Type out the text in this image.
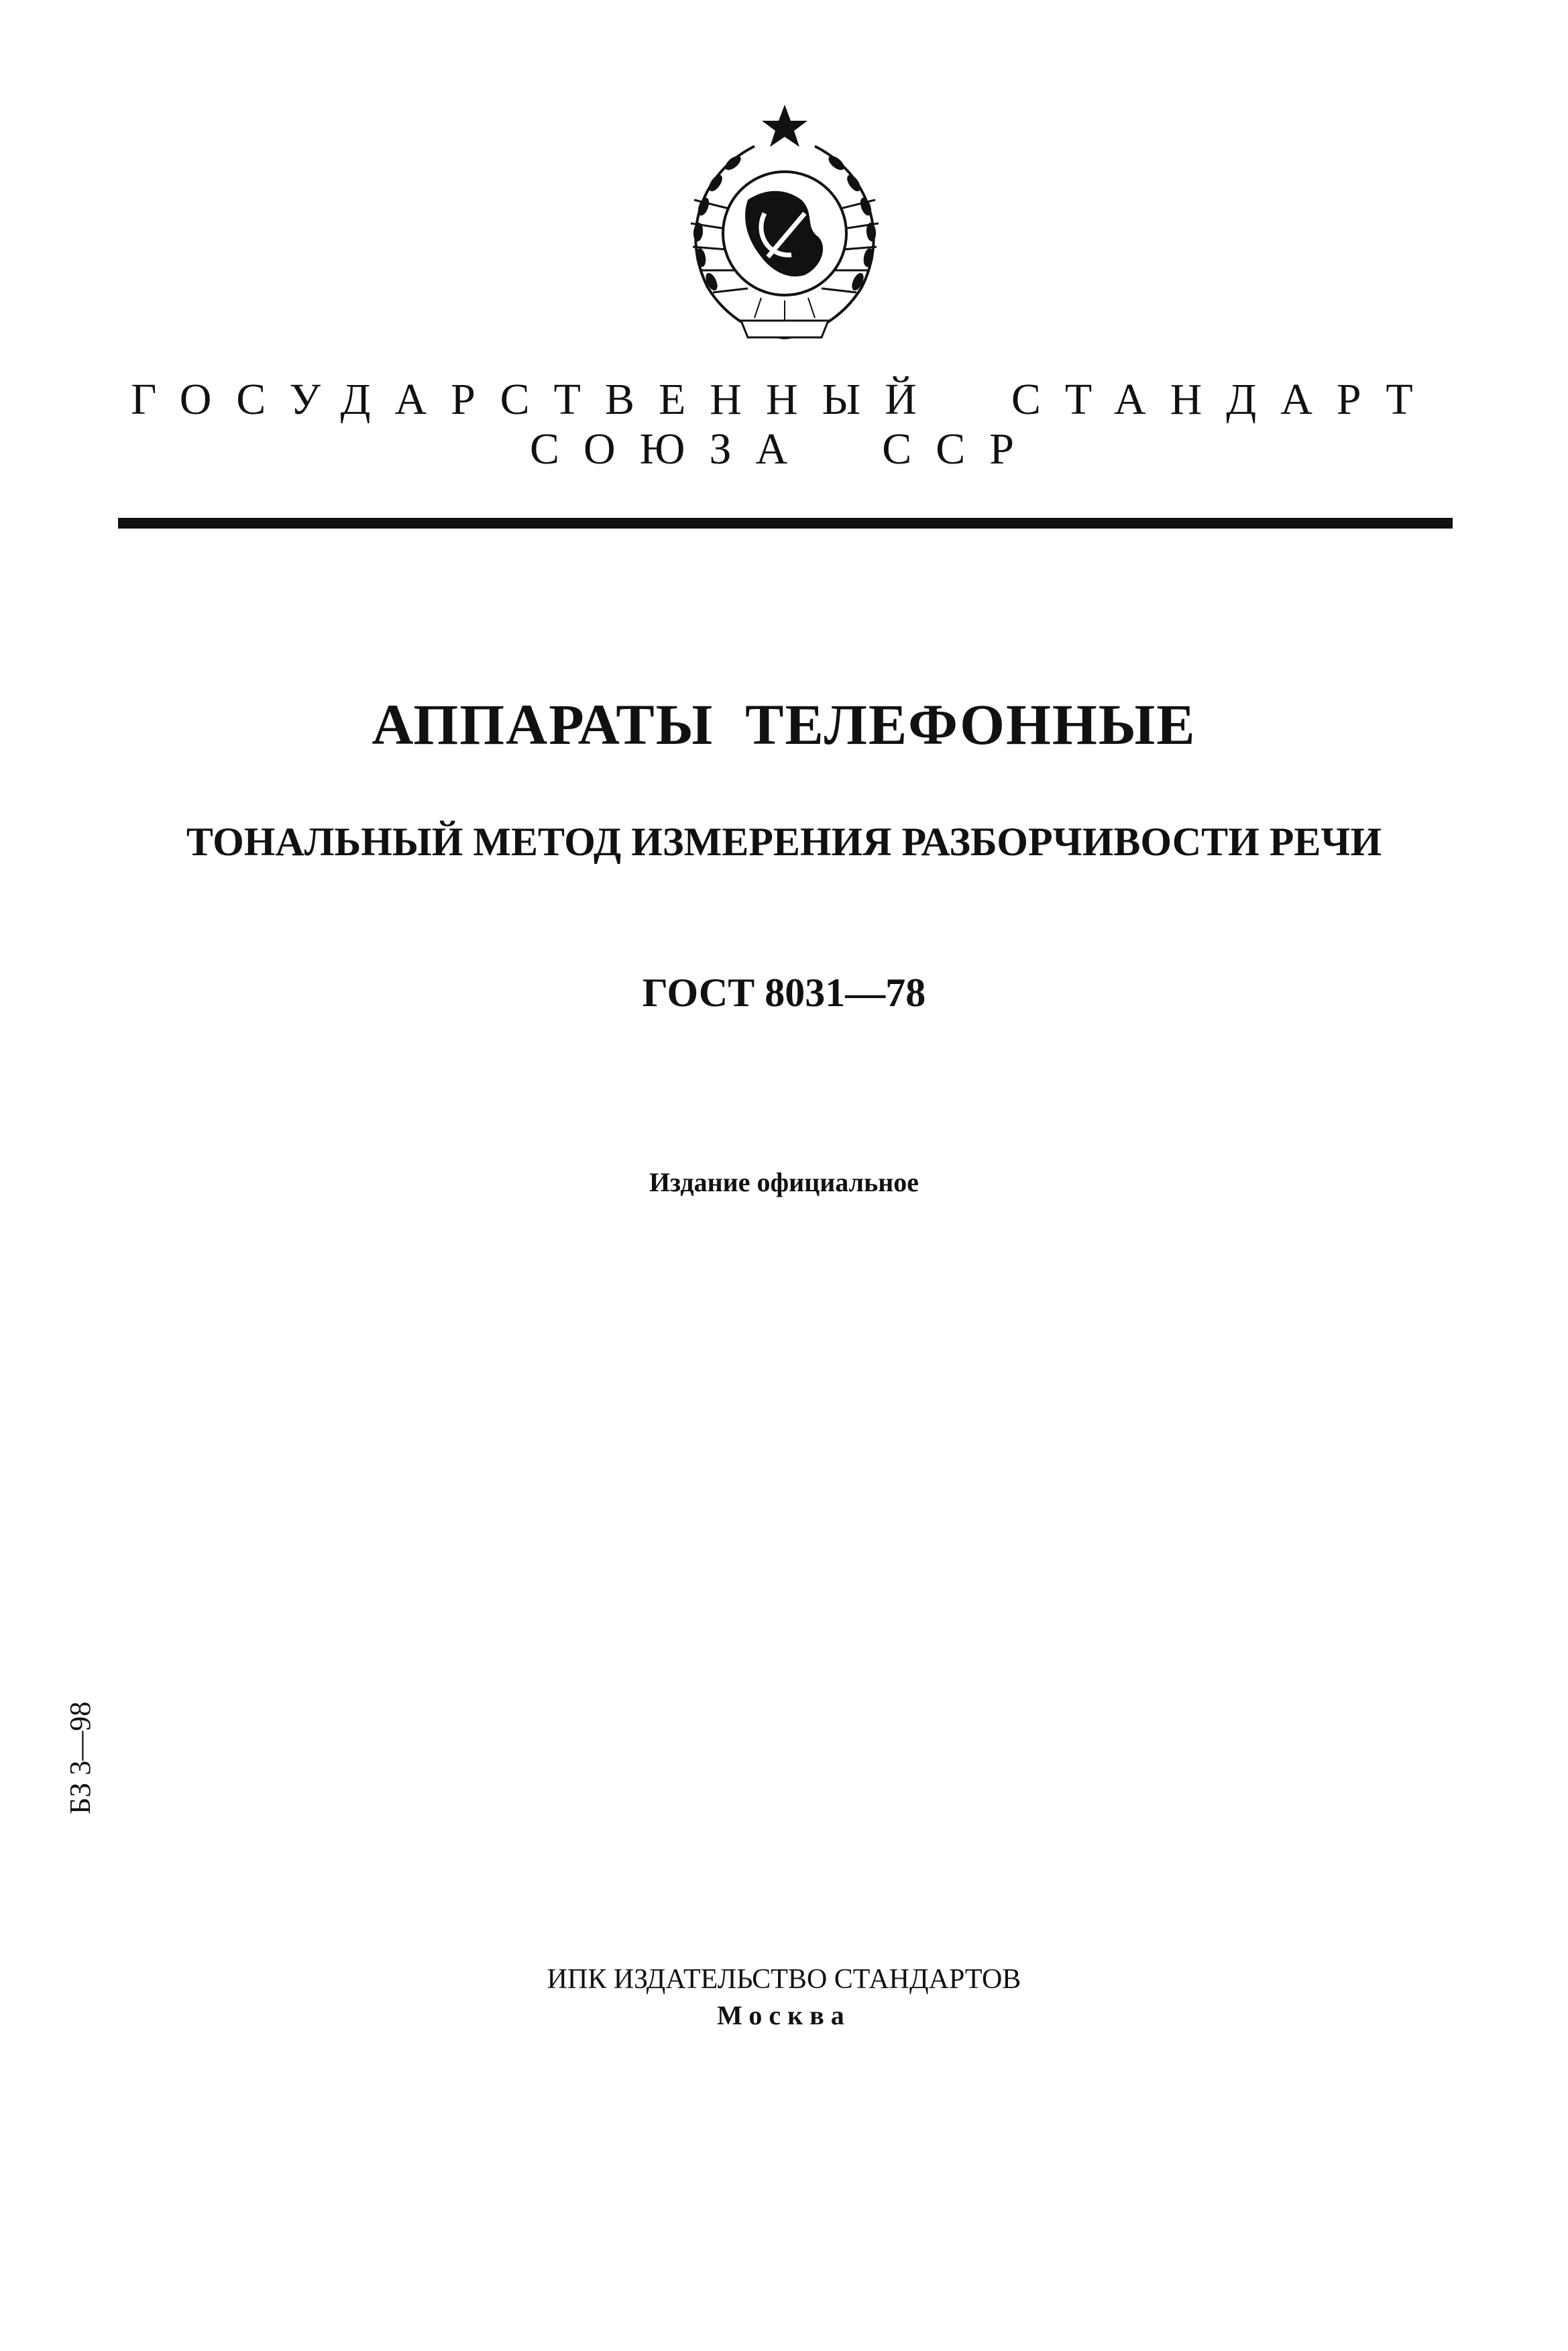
ГОСУДАРСТВЕННЫЙ  СТАНДАРТ
СОЮЗА  ССР
АППАРАТЫ  ТЕЛЕФОННЫЕ
ТОНАЛЬНЫЙ МЕТОД ИЗМЕРЕНИЯ РАЗБОРЧИВОСТИ РЕЧИ
ГОСТ 8031—78
Издание официальное
БЗ 3—98
ИПК ИЗДАТЕЛЬСТВО СТАНДАРТОВ
Москва
